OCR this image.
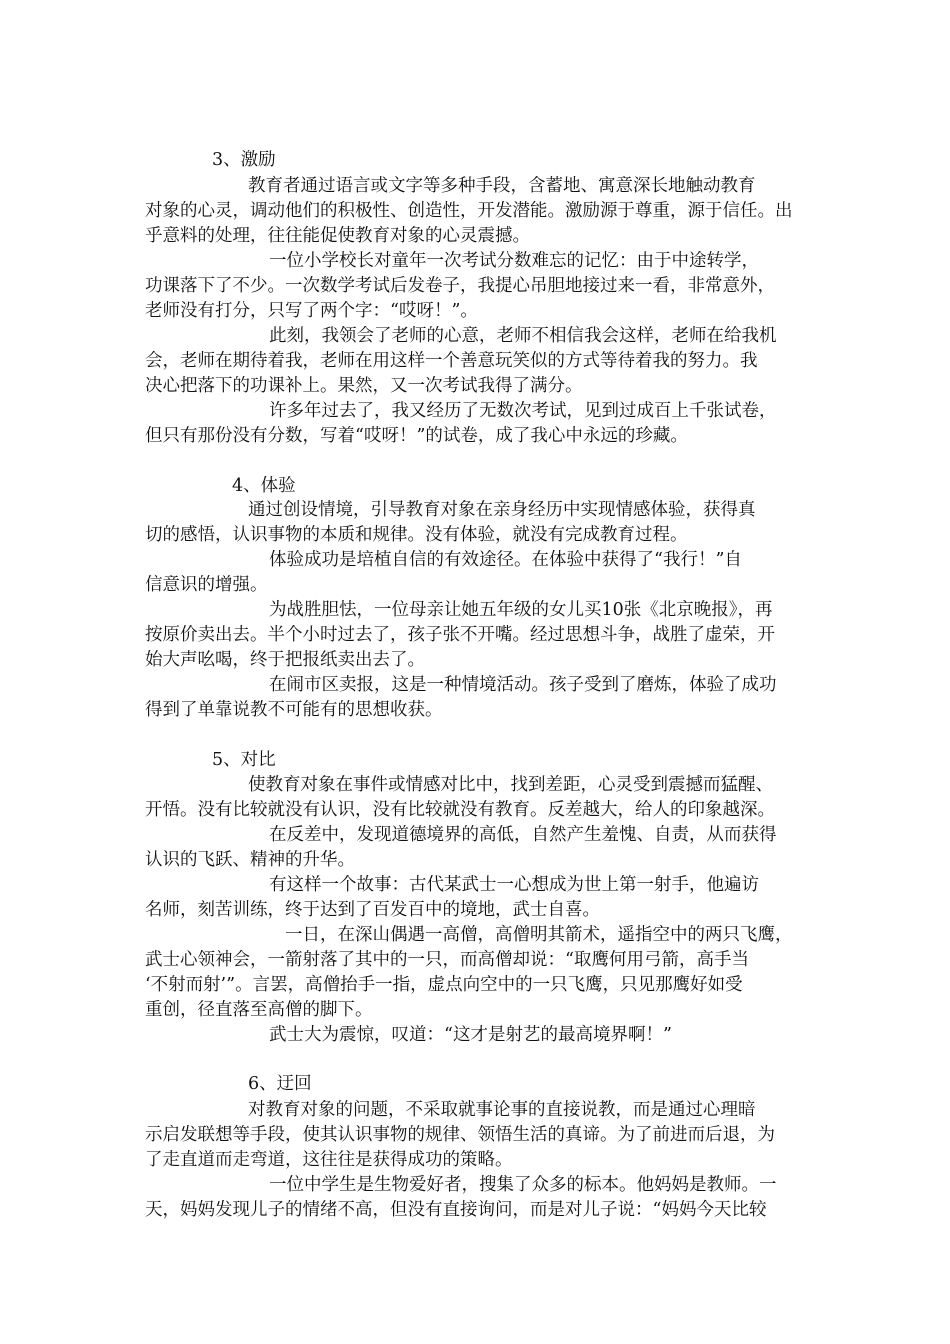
3、激励
教育者通过语言或文字等多种手段，含蓄地、寓意深长地触动教育
对象的心灵，调动他们的积极性、创造性，开发潜能。激励源于尊重，源于信任。出
乎意料的处理，往往能促使教育对象的心灵震撼。
一位小学校长对童年一次考试分数难忘的记忆：由于中途转学，
功课落下了不少。一次数学考试后发卷子，我提心吊胆地接过来一看，非常意外，
老师没有打分，只写了两个字：“哎呀！”。
此刻，我领会了老师的心意，老师不相信我会这样，老师在给我机
会，老师在期待着我，老师在用这样一个善意玩笑似的方式等待着我的努力。我
决心把落下的功课补上。果然，又一次考试我得了满分。
许多年过去了，我又经历了无数次考试，见到过成百上千张试卷，
但只有那份没有分数，写着“哎呀！”的试卷，成了我心中永远的珍藏。
4、体验
通过创设情境，引导教育对象在亲身经历中实现情感体验，获得真
切的感悟，认识事物的本质和规律。没有体验，就没有完成教育过程。
体验成功是培植自信的有效途径。在体验中获得了“我行！”自
信意识的增强。
为战胜胆怯，一位母亲让她五年级的女儿买10张《北京晚报》，再
按原价卖出去。半个小时过去了，孩子张不开嘴。经过思想斗争，战胜了虚荣，开
始大声吆喝，终于把报纸卖出去了。
在闹市区卖报，这是一种情境活动。孩子受到了磨炼，体验了成功
得到了单靠说教不可能有的思想收获。
5、对比
使教育对象在事件或情感对比中，找到差距，心灵受到震撼而猛醒、
开悟。没有比较就没有认识，没有比较就没有教育。反差越大，给人的印象越深。
在反差中，发现道德境界的高低，自然产生羞愧、自责，从而获得
认识的飞跃、精神的升华。
有这样一个故事：古代某武士一心想成为世上第一射手，他遍访
名师，刻苦训练，终于达到了百发百中的境地，武士自喜。
一日，在深山偶遇一高僧，高僧明其箭术，遥指空中的两只飞鹰，
武士心领神会，一箭射落了其中的一只，而高僧却说：“取鹰何用弓箭，高手当
‘不射而射’”。言罢，高僧抬手一指，虚点向空中的一只飞鹰，只见那鹰好如受
重创，径直落至高僧的脚下。
武士大为震惊，叹道：“这才是射艺的最高境界啊！”
6、迂回
对教育对象的问题，不采取就事论事的直接说教，而是通过心理暗
示启发联想等手段，使其认识事物的规律、领悟生活的真谛。为了前进而后退，为
了走直道而走弯道，这往往是获得成功的策略。
一位中学生是生物爱好者，搜集了众多的标本。他妈妈是教师。一
天，妈妈发现儿子的情绪不高，但没有直接询问，而是对儿子说：“妈妈今天比较
